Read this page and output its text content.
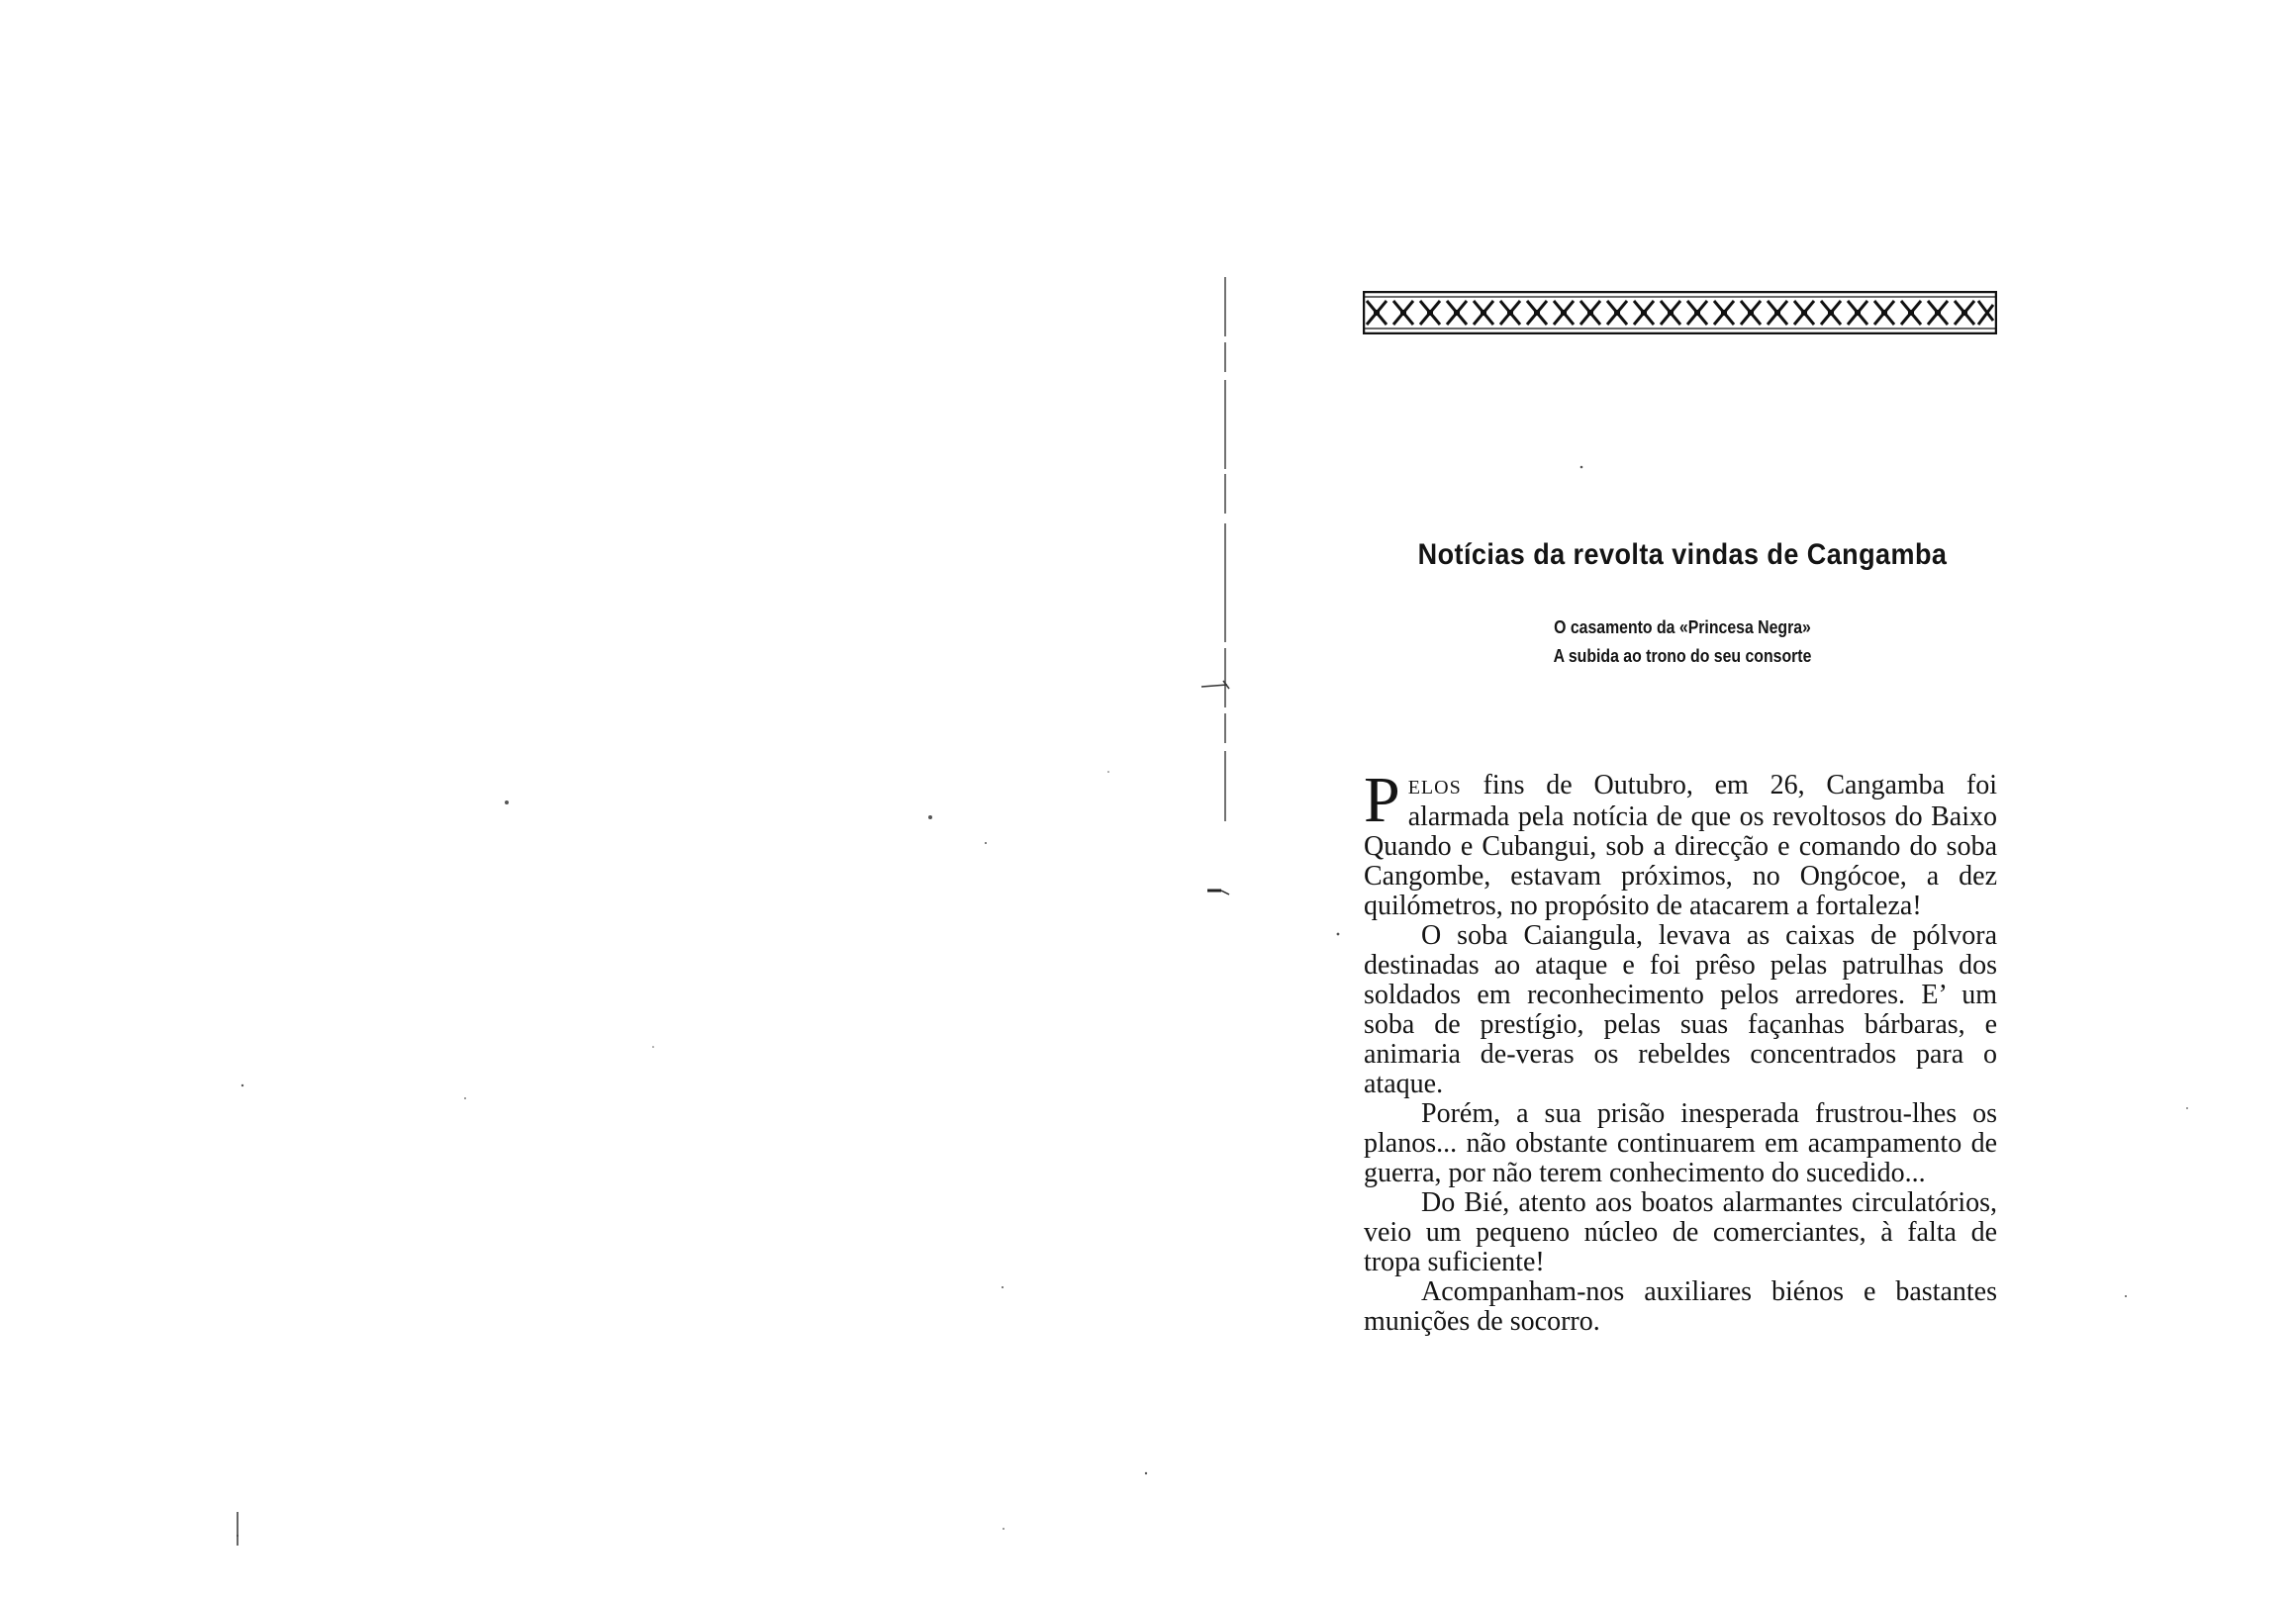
Notícias da revolta vindas de Cangamba
O casamento da «Princesa Negra»
A subida ao trono do seu consorte

PELOS fins de Outubro, em 26, Cangamba foi alarmada pela notícia de que os revoltosos do Baixo Quando e Cubangui, sob a direcção e comando do soba Cangombe, estavam próximos, no Ongócoe, a dez quilómetros, no propósito de atacarem a fortaleza!

O soba Caiangula, levava as caixas de pólvora destinadas ao ataque e foi prêso pelas patrulhas dos soldados em reconhecimento pelos arredores. E’ um soba de prestígio, pelas suas façanhas bárbaras, e animaria de-veras os rebeldes concentrados para o ataque.

Porém, a sua prisão inesperada frustrou-lhes os planos... não obstante continuarem em acampamento de guerra, por não terem conhecimento do sucedido...

Do Bié, atento aos boatos alarmantes circulatórios, veio um pequeno núcleo de comerciantes, à falta de tropa suficiente!

Acompanham-nos auxiliares biénos e bastantes munições de socorro.
